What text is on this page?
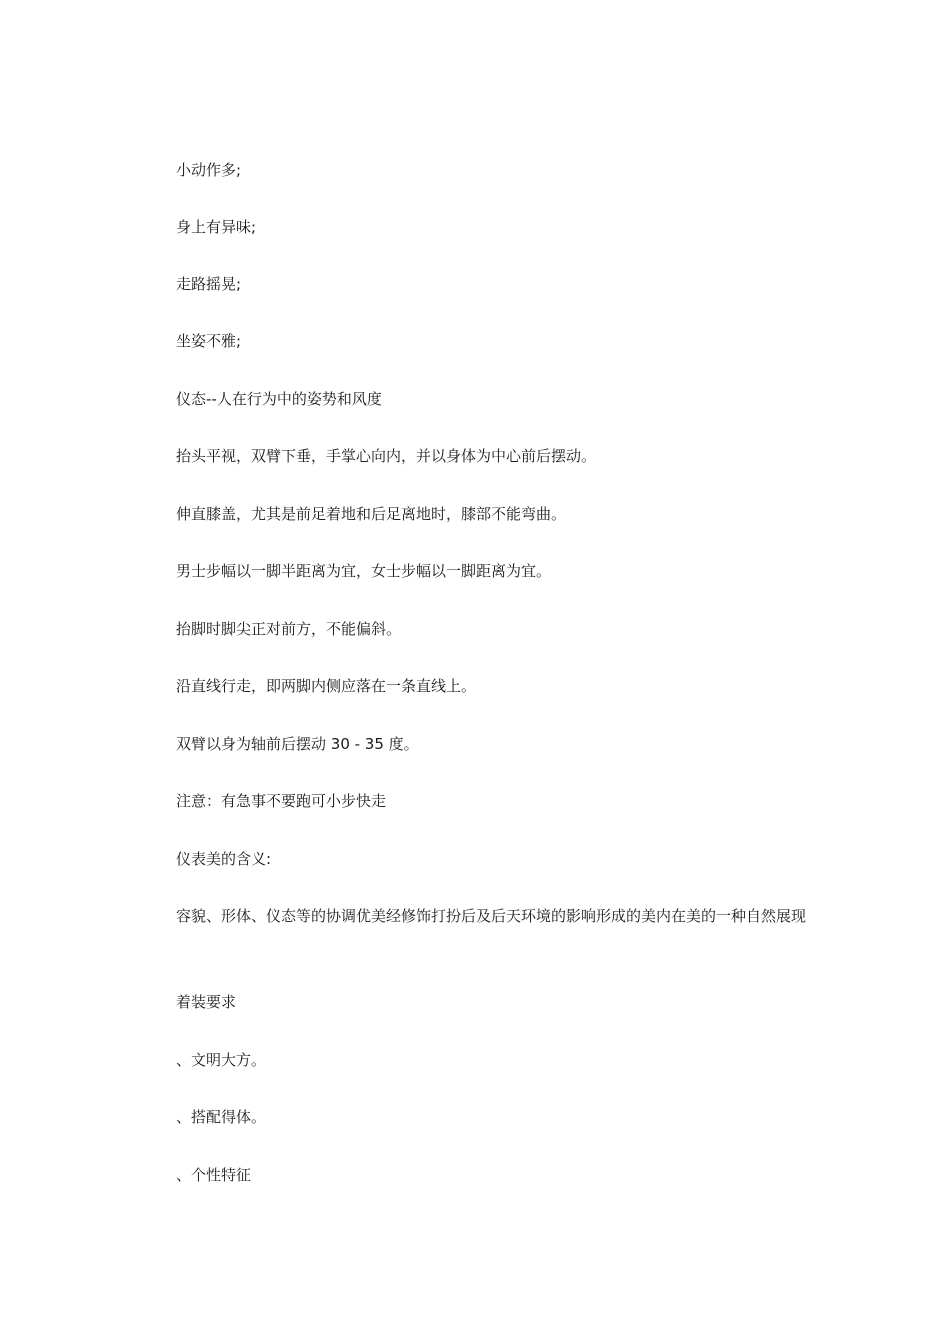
小动作多;

身上有异味;

走路摇晃;

坐姿不雅;

仪态--人在行为中的姿势和风度

抬头平视，双臂下垂，手掌心向内，并以身体为中心前后摆动。

伸直膝盖，尤其是前足着地和后足离地时，膝部不能弯曲。

男士步幅以一脚半距离为宜，女士步幅以一脚距离为宜。

抬脚时脚尖正对前方，不能偏斜。

沿直线行走，即两脚内侧应落在一条直线上。

双臂以身为轴前后摆动 30 - 35 度。

注意：有急事不要跑可小步快走

仪表美的含义:

容貌、形体、仪态等的协调优美经修饰打扮后及后天环境的影响形成的美内在美的一种自然展现

着装要求

、文明大方。

、搭配得体。

、个性特征
